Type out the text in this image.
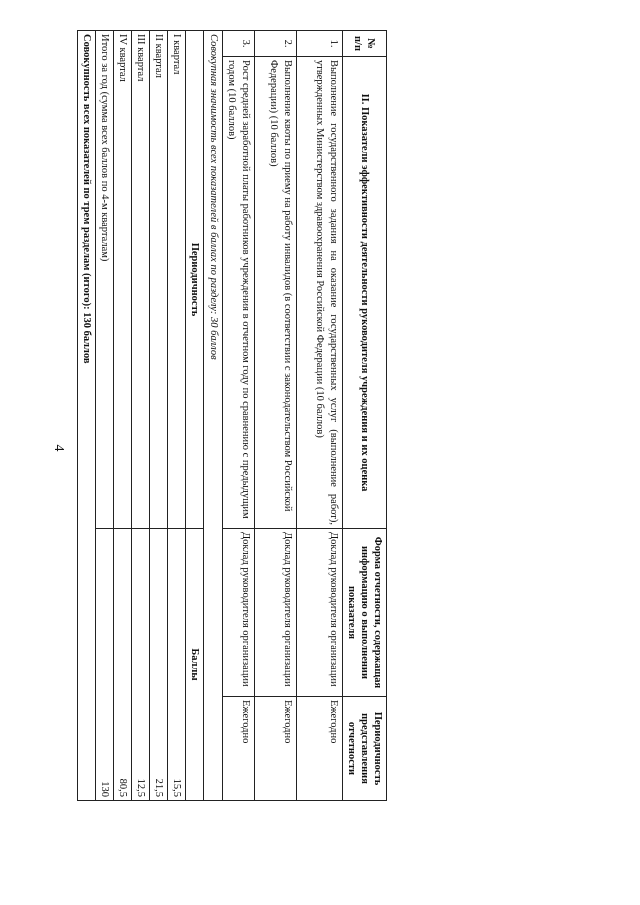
4
№ п/п	II. Показатели эффективности деятельности руководителя учреждения и их оценка	Форма отчетности, содержащая информацию о выполнении показателя	Периодичность представления отчетности
1.	Выполнение государственного задания на оказание государственных услуг (выполнение работ), утвержденных Министерством здравоохранения Российской Федерации (10 баллов)	Доклад руководителя организации	Ежегодно
2.	Выполнение квоты по приему на работу инвалидов (в соответствии с законодательством Российской Федерации) (10 баллов)	Доклад руководителя организации	Ежегодно
3.	Рост средней заработной платы работников учреждения в отчетном году по сравнению с предыдущим годом (10 баллов)	Доклад руководителя организации	Ежегодно
Совокупная значимость всех показателей в баллах по разделу: 30 баллов			
Периодичность		Баллы	
I квартал		15,5	
II квартал		21,5	
III квартал		12,5	
IV квартал		80,5	
Итого за год (сумма всех баллов по 4-м кварталам)		130	
Совокупность всех показателей по трем разделам (итого): 130 баллов			
